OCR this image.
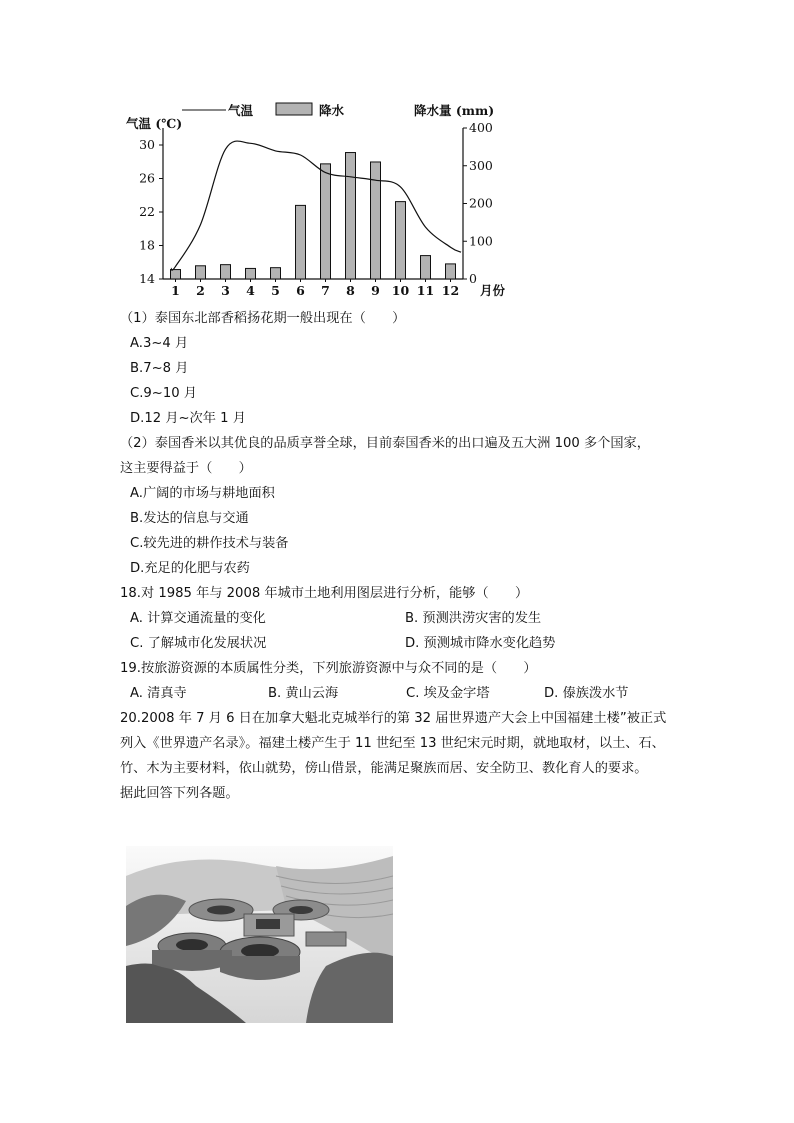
气温	降水
气温 (℃)
降水量 (mm)
月份
14
18
22
26
30
0
100
200
300
400
1 2 3 4 5 6 7 8 9 10 11 12
（1）泰国东北部香稻扬花期一般出现在（　　）
A.3~4 月
B.7~8 月
C.9~10 月
D.12 月~次年 1 月
（2）泰国香米以其优良的品质享誉全球，目前泰国香米的出口遍及五大洲 100 多个国家，
这主要得益于（　　）
A.广阔的市场与耕地面积
B.发达的信息与交通
C.较先进的耕作技术与装备
D.充足的化肥与农药
18.对 1985 年与 2008 年城市土地利用图层进行分析，能够（　　）
A. 计算交通流量的变化	B. 预测洪涝灾害的发生
C. 了解城市化发展状况	D. 预测城市降水变化趋势
19.按旅游资源的本质属性分类，下列旅游资源中与众不同的是（　　）
A. 清真寺	B. 黄山云海	C. 埃及金字塔	D. 傣族泼水节
20.2008 年 7 月 6 日在加拿大魁北克城举行的第 32 届世界遗产大会上中国福建土楼”被正式
列入《世界遗产名录》。福建土楼产生于 11 世纪至 13 世纪宋元时期，就地取材，以土、石、
竹、木为主要材料，依山就势，傍山借景，能满足聚族而居、安全防卫、教化育人的要求。
据此回答下列各题。
